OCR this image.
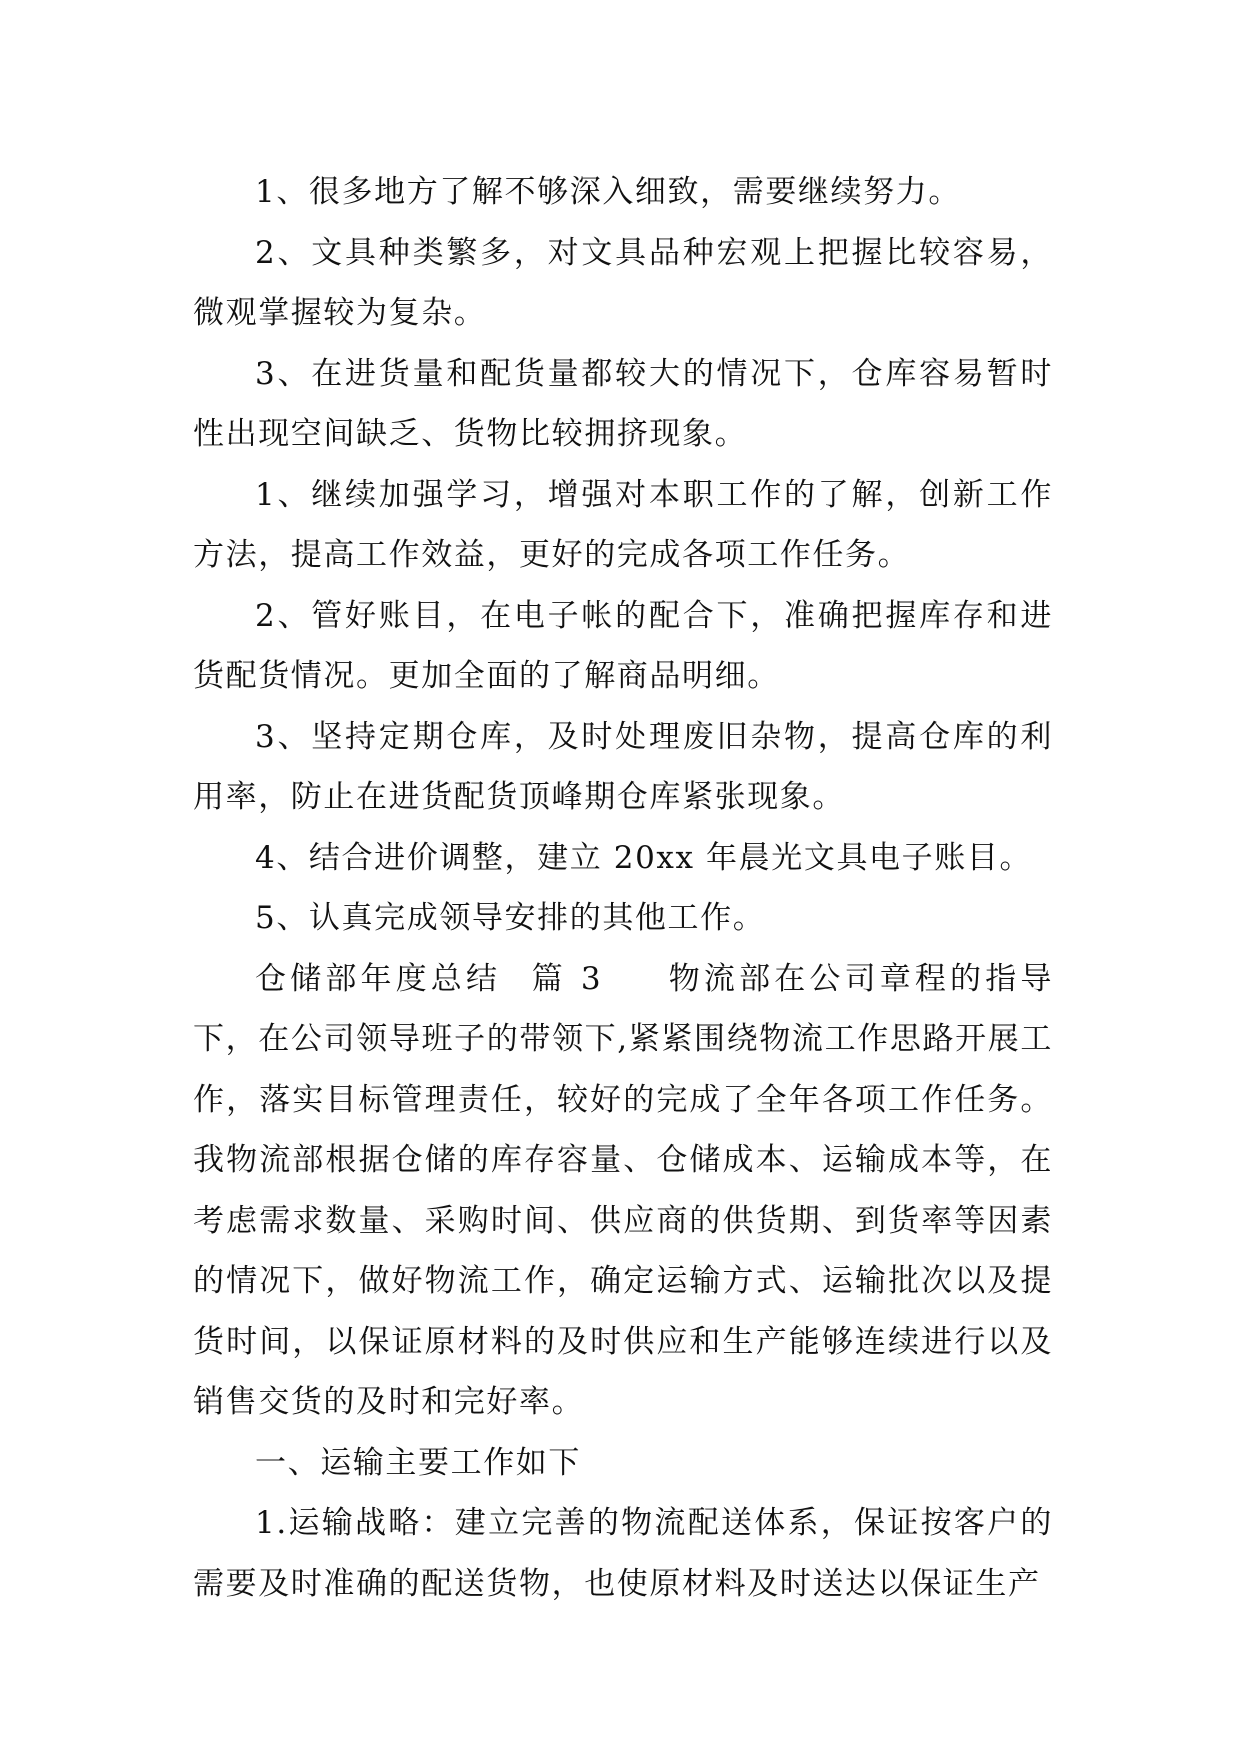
1、很多地方了解不够深入细致，需要继续努力。

2、文具种类繁多，对文具品种宏观上把握比较容易，微观掌握较为复杂。

3、在进货量和配货量都较大的情况下，仓库容易暂时性出现空间缺乏、货物比较拥挤现象。

1、继续加强学习，增强对本职工作的了解，创新工作方法，提高工作效益，更好的完成各项工作任务。

2、管好账目，在电子帐的配合下，准确把握库存和进货配货情况。更加全面的了解商品明细。

3、坚持定期仓库，及时处理废旧杂物，提高仓库的利用率，防止在进货配货顶峰期仓库紧张现象。

4、结合进价调整，建立 20xx 年晨光文具电子账目。

5、认真完成领导安排的其他工作。

仓储部年度总结 篇 3 物流部在公司章程的指导下，在公司领导班子的带领下,紧紧围绕物流工作思路开展工作，落实目标管理责任，较好的完成了全年各项工作任务。我物流部根据仓储的库存容量、仓储成本、运输成本等，在考虑需求数量、采购时间、供应商的供货期、到货率等因素的情况下，做好物流工作，确定运输方式、运输批次以及提货时间，以保证原材料的及时供应和生产能够连续进行以及销售交货的及时和完好率。

一、运输主要工作如下

1.运输战略：建立完善的物流配送体系，保证按客户的需要及时准确的配送货物，也使原材料及时送达以保证生产
